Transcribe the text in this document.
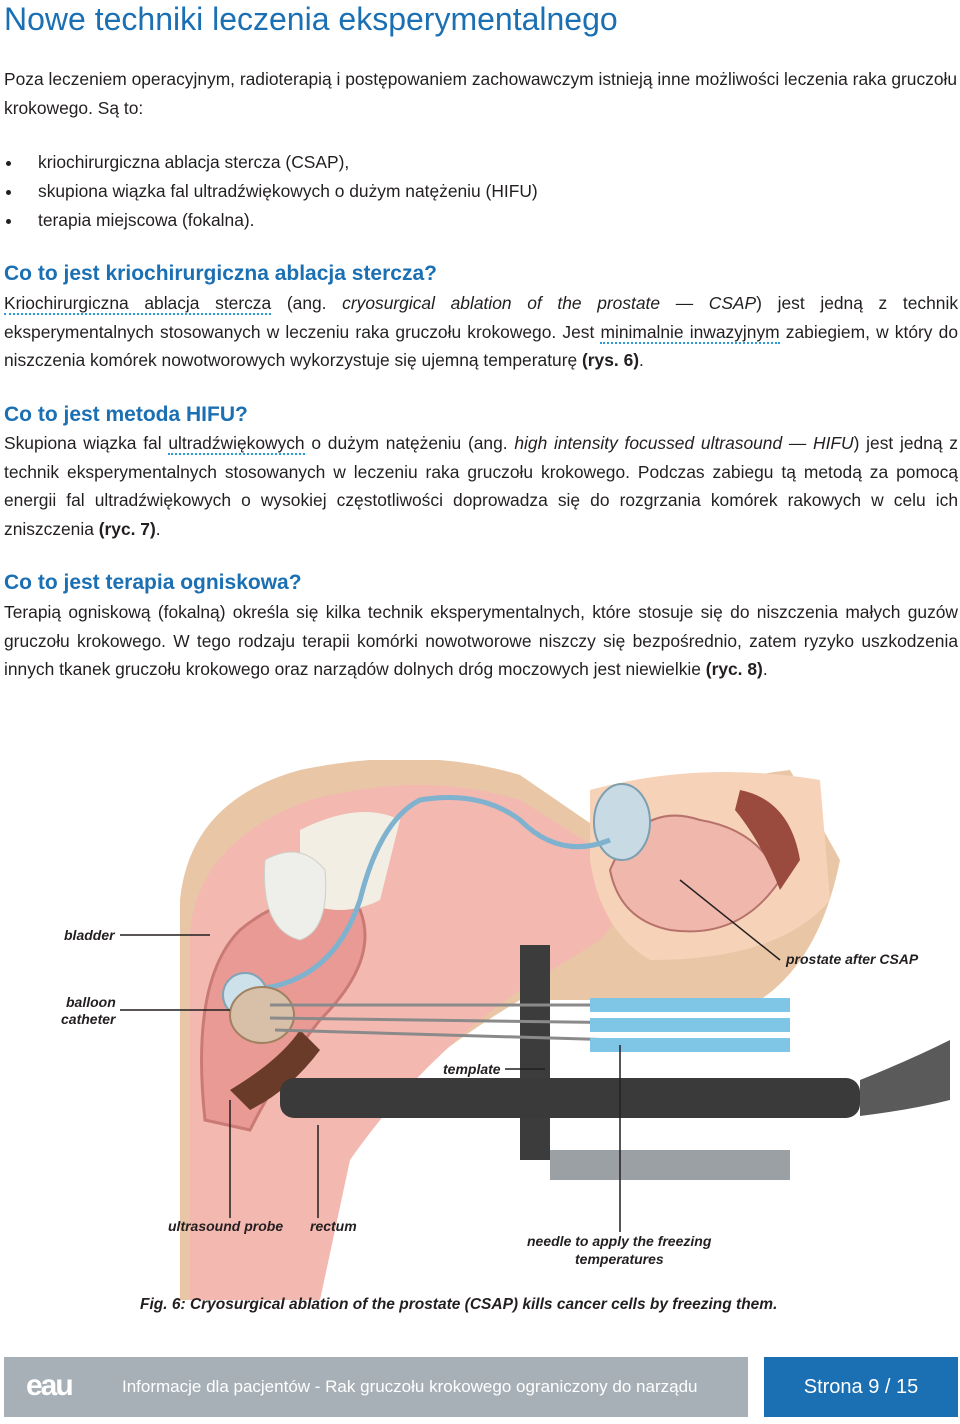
Nowe techniki leczenia eksperymentalnego

Poza leczeniem operacyjnym, radioterapią i postępowaniem zachowawczym istnieją inne możliwości leczenia raka gruczołu krokowego. Są to:

kriochirurgiczna ablacja stercza (CSAP),
skupiona wiązka fal ultradźwiękowych o dużym natężeniu (HIFU)
terapia miejscowa (fokalna).
Co to jest kriochirurgiczna ablacja stercza?

Kriochirurgiczna ablacja stercza (ang. cryosurgical ablation of the prostate — CSAP) jest jedną z technik eksperymentalnych stosowanych w leczeniu raka gruczołu krokowego. Jest minimalnie inwazyjnym zabiegiem, w który do niszczenia komórek nowotworowych wykorzystuje się ujemną temperaturę (rys. 6).

Co to jest metoda HIFU?

Skupiona wiązka fal ultradźwiękowych o dużym natężeniu (ang. high intensity focussed ultrasound — HIFU) jest jedną z technik eksperymentalnych stosowanych w leczeniu raka gruczołu krokowego. Podczas zabiegu tą metodą za pomocą energii fal ultradźwiękowych o wysokiej częstotliwości doprowadza się do rozgrzania komórek rakowych w celu ich zniszczenia (ryc. 7).

Co to jest terapia ogniskowa?

Terapią ogniskową (fokalną) określa się kilka technik eksperymentalnych, które stosuje się do niszczenia małych guzów gruczołu krokowego. W tego rodzaju terapii komórki nowotworowe niszczy się bezpośrednio, zatem ryzyko uszkodzenia innych tkanek gruczołu krokowego oraz narządów dolnych dróg moczowych jest niewielkie (ryc. 8).

bladder
prostate after CSAP
balloon
catheter
template
ultrasound probe rectum
needle to apply the freezing
temperatures
Fig. 6: Cryosurgical ablation of the prostate (CSAP) kills cancer cells by freezing them.
eau	Informacje dla pacjentów - Rak gruczołu krokowego ograniczony do narządu	Strona 9 / 15
